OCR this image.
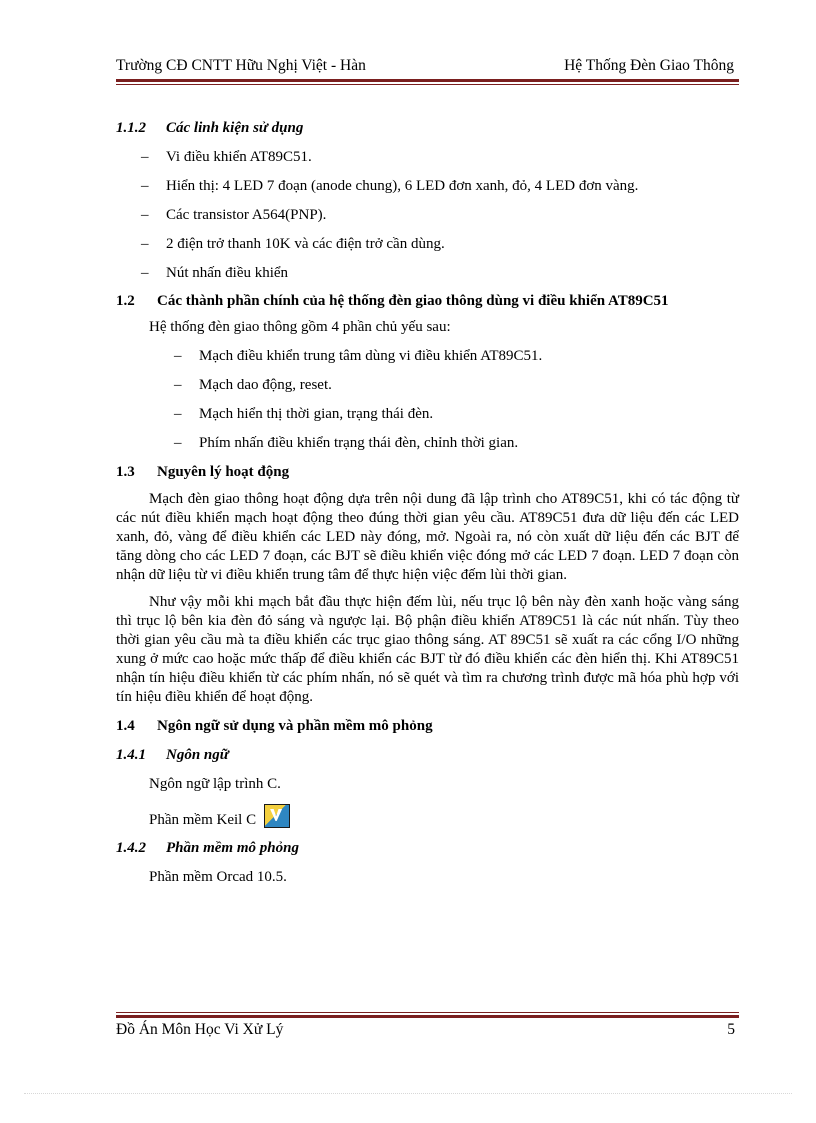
Trường CĐ CNTT Hữu Nghị Việt - Hàn	Hệ Thống Đèn Giao Thông

1.1.2 Các linh kiện sử dụng

– Vi điều khiển AT89C51.
– Hiển thị: 4 LED 7 đoạn (anode chung), 6 LED đơn xanh, đỏ, 4 LED đơn vàng.
– Các transistor A564(PNP).
– 2 điện trở thanh 10K và các điện trở cần dùng.
– Nút nhấn điều khiển

1.2	Các thành phần chính của hệ thống đèn giao thông dùng vi điều khiển AT89C51

Hệ thống đèn giao thông gồm 4 phần chủ yếu sau:

– Mạch điều khiển trung tâm dùng vi điều khiển AT89C51.
– Mạch dao động, reset.
– Mạch hiển thị thời gian, trạng thái đèn.
– Phím nhấn điều khiển trạng thái đèn, chỉnh thời gian.

1.3	Nguyên lý hoạt động

Mạch đèn giao thông hoạt động dựa trên nội dung đã lập trình cho AT89C51, khi có tác động từ các nút điều khiển mạch hoạt động theo đúng thời gian yêu cầu. AT89C51 đưa dữ liệu đến các LED xanh, đỏ, vàng để điều khiển các LED này đóng, mở. Ngoài ra, nó còn xuất dữ liệu đến các BJT để tăng dòng cho các LED 7 đoạn, các BJT sẽ điều khiển việc đóng mở các LED 7 đoạn. LED 7 đoạn còn nhận dữ liệu từ vi điều khiển trung tâm để thực hiện việc đếm lùi thời gian.

Như vậy mỗi khi mạch bắt đầu thực hiện đếm lùi, nếu trục lộ bên này đèn xanh hoặc vàng sáng thì trục lộ bên kia đèn đỏ sáng và ngược lại. Bộ phận điều khiển AT89C51 là các nút nhấn. Tùy theo thời gian yêu cầu mà ta điều khiển các trục giao thông sáng. AT 89C51 sẽ xuất ra các cổng I/O những xung ở mức cao hoặc mức thấp để điều khiển các BJT từ đó điều khiển các đèn hiển thị. Khi AT89C51 nhận tín hiệu điều khiển từ các phím nhấn, nó sẽ quét và tìm ra chương trình được mã hóa phù hợp với tín hiệu điều khiển để hoạt động.

1.4	Ngôn ngữ sử dụng và phần mềm mô phỏng

1.4.1 Ngôn ngữ

Ngôn ngữ lập trình C.

Phần mềm Keil C

1.4.2 Phần mềm mô phỏng

Phần mềm Orcad 10.5.

Đồ Án Môn Học Vi Xử Lý	5
